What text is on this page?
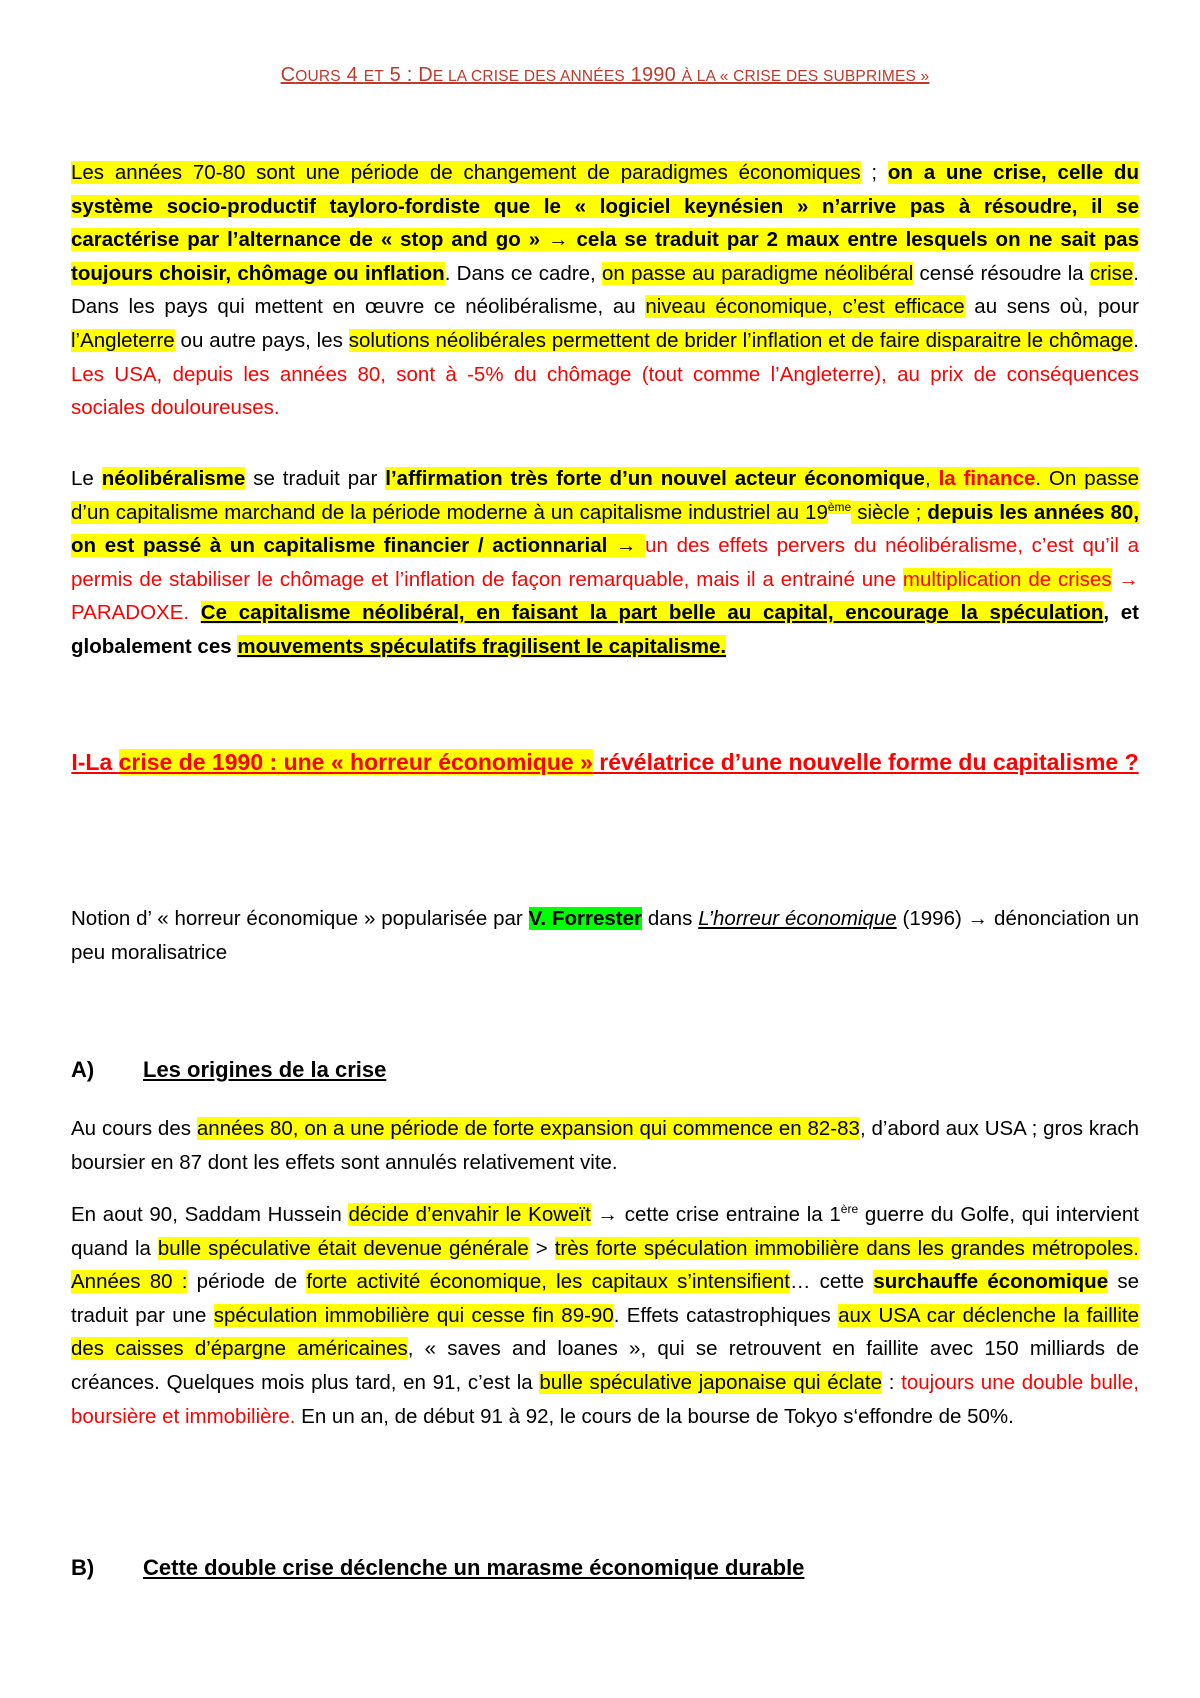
COURS 4 ET 5 : DE LA CRISE DES ANNÉES 1990 À LA « CRISE DES SUBPRIMES »

Les années 70-80 sont une période de changement de paradigmes économiques ; on a une crise, celle du système socio-productif tayloro-fordiste que le « logiciel keynésien » n’arrive pas à résoudre, il se caractérise par l’alternance de « stop and go » → cela se traduit par 2 maux entre lesquels on ne sait pas toujours choisir, chômage ou inflation. Dans ce cadre, on passe au paradigme néolibéral censé résoudre la crise. Dans les pays qui mettent en œuvre ce néolibéralisme, au niveau économique, c’est efficace au sens où, pour l’Angleterre ou autre pays, les solutions néolibérales permettent de brider l’inflation et de faire disparaitre le chômage. Les USA, depuis les années 80, sont à -5% du chômage (tout comme l’Angleterre), au prix de conséquences sociales douloureuses.

Le néolibéralisme se traduit par l’affirmation très forte d’un nouvel acteur économique, la finance. On passe d’un capitalisme marchand de la période moderne à un capitalisme industriel au 19ème siècle ; depuis les années 80, on est passé à un capitalisme financier / actionnarial → un des effets pervers du néolibéralisme, c’est qu’il a permis de stabiliser le chômage et l’inflation de façon remarquable, mais il a entrainé une multiplication de crises → PARADOXE. Ce capitalisme néolibéral, en faisant la part belle au capital, encourage la spéculation, et globalement ces mouvements spéculatifs fragilisent le capitalisme.

I-La crise de 1990 : une « horreur économique » révélatrice d’une nouvelle forme du capitalisme ?

Notion d’ « horreur économique » popularisée par V. Forrester dans L’horreur économique (1996) → dénonciation un peu moralisatrice

A) Les origines de la crise

Au cours des années 80, on a une période de forte expansion qui commence en 82-83, d’abord aux USA ; gros krach boursier en 87 dont les effets sont annulés relativement vite.

En aout 90, Saddam Hussein décide d’envahir le Koweït → cette crise entraine la 1ère guerre du Golfe, qui intervient quand la bulle spéculative était devenue générale > très forte spéculation immobilière dans les grandes métropoles. Années 80 : période de forte activité économique, les capitaux s’intensifient… cette surchauffe économique se traduit par une spéculation immobilière qui cesse fin 89-90. Effets catastrophiques aux USA car déclenche la faillite des caisses d’épargne américaines, « saves and loanes », qui se retrouvent en faillite avec 150 milliards de créances. Quelques mois plus tard, en 91, c’est la bulle spéculative japonaise qui éclate : toujours une double bulle, boursière et immobilière. En un an, de début 91 à 92, le cours de la bourse de Tokyo s‘effondre de 50%.

B) Cette double crise déclenche un marasme économique durable
